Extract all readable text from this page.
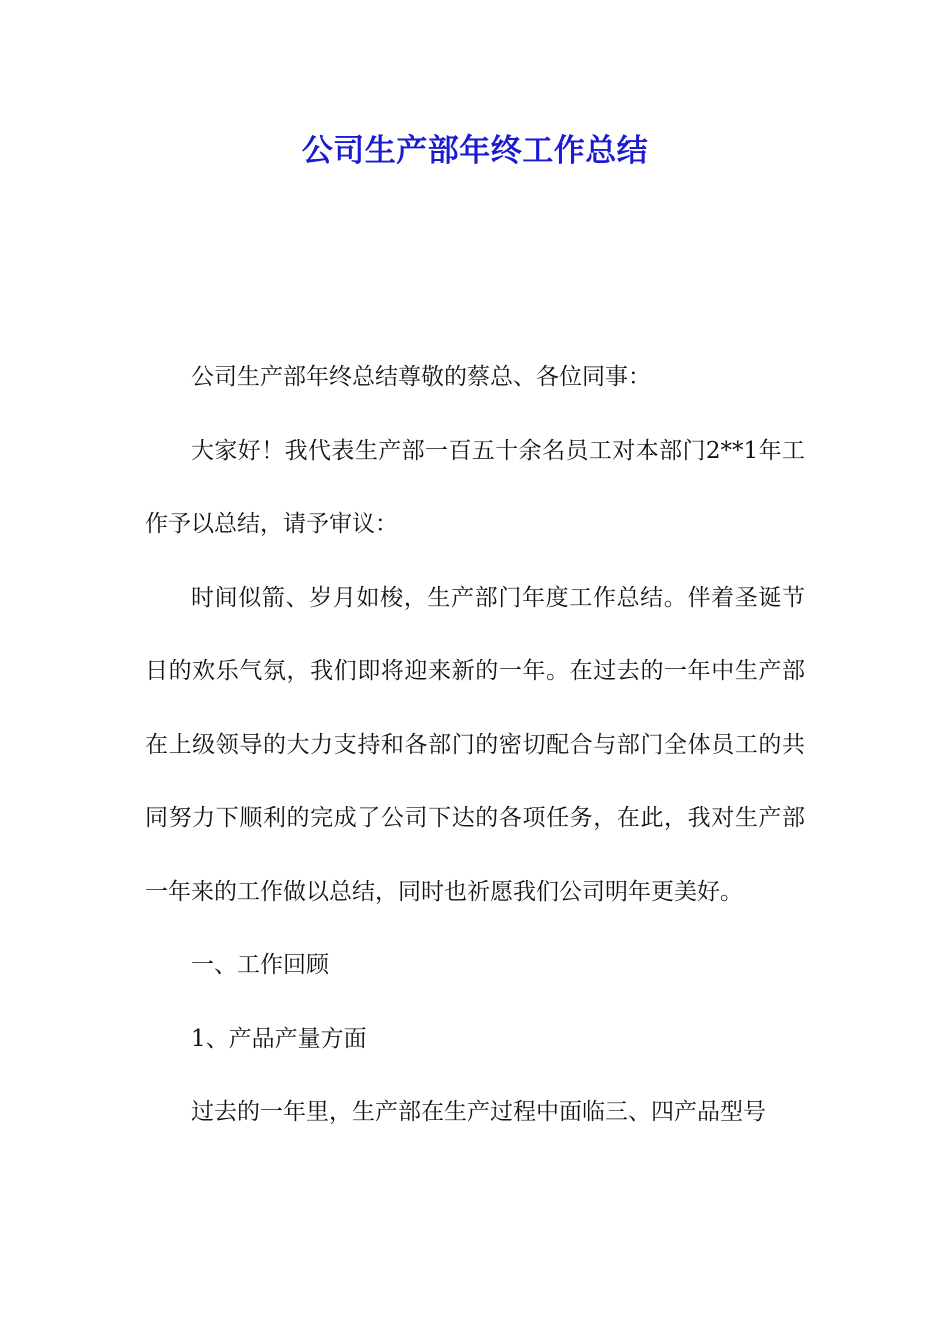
公司生产部年终工作总结

公司生产部年终总结尊敬的蔡总、各位同事：

大家好！我代表生产部一百五十余名员工对本部门2**1年工作予以总结，请予审议：

时间似箭、岁月如梭，生产部门年度工作总结。伴着圣诞节日的欢乐气氛，我们即将迎来新的一年。在过去的一年中生产部在上级领导的大力支持和各部门的密切配合与部门全体员工的共同努力下顺利的完成了公司下达的各项任务，在此，我对生产部一年来的工作做以总结，同时也祈愿我们公司明年更美好。

一、工作回顾

1、产品产量方面

过去的一年里，生产部在生产过程中面临三、四产品型号
